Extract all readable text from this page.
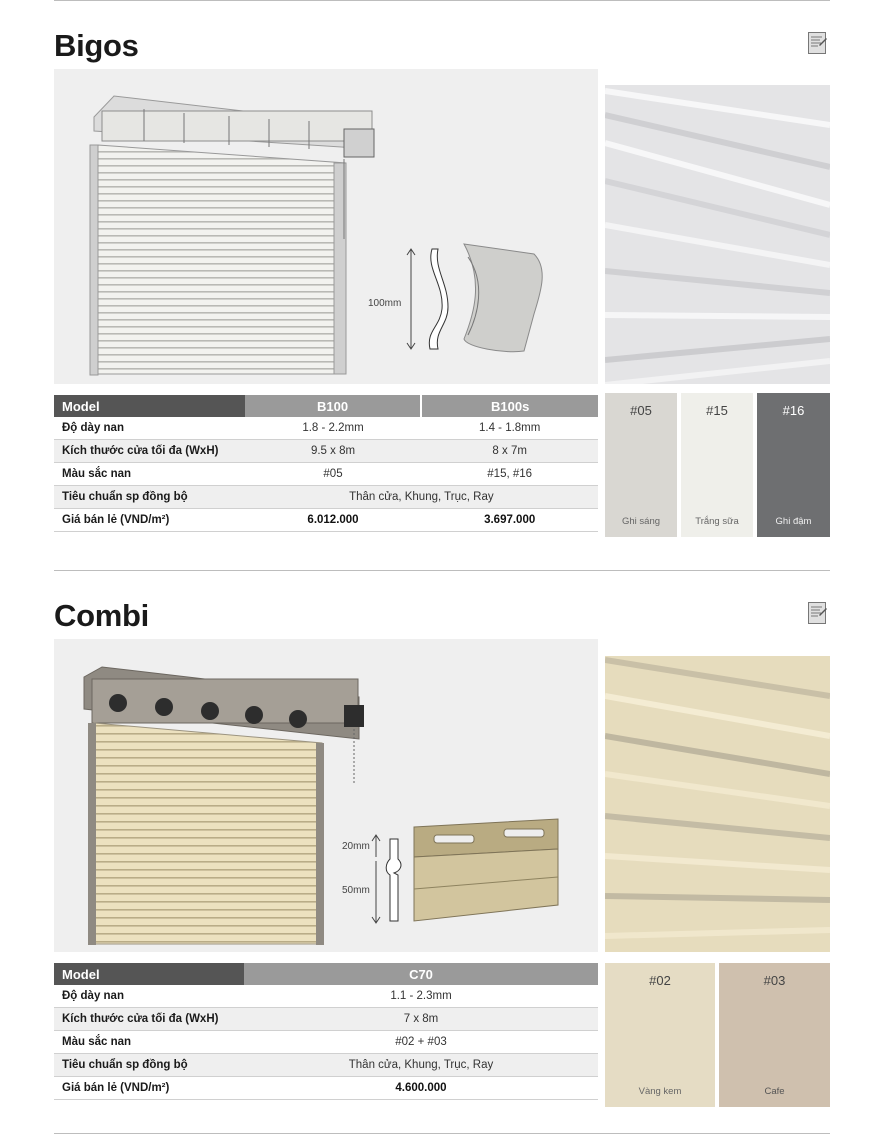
Bigos
100mm
Model	B100	B100s
Độ dày nan	1.8 - 2.2mm	1.4 - 1.8mm
Kích thước cửa tối đa (WxH)	9.5 x 8m	8 x 7m
Màu sắc nan	#05	#15, #16
Tiêu chuẩn sp đồng bộ	Thân cửa, Khung, Trục, Ray	
Giá bán lẻ (VND/m²)	6.012.000	3.697.000
#05
Ghi sáng
#15
Trắng sữa
#16
Ghi đậm
Combi
20mm
50mm
Model	C70
Độ dày nan	1.1 - 2.3mm
Kích thước cửa tối đa (WxH)	7 x 8m
Màu sắc nan	#02 + #03
Tiêu chuẩn sp đồng bộ	Thân cửa, Khung, Trục, Ray
Giá bán lẻ (VND/m²)	4.600.000
#02
Vàng kem
#03
Cafe
